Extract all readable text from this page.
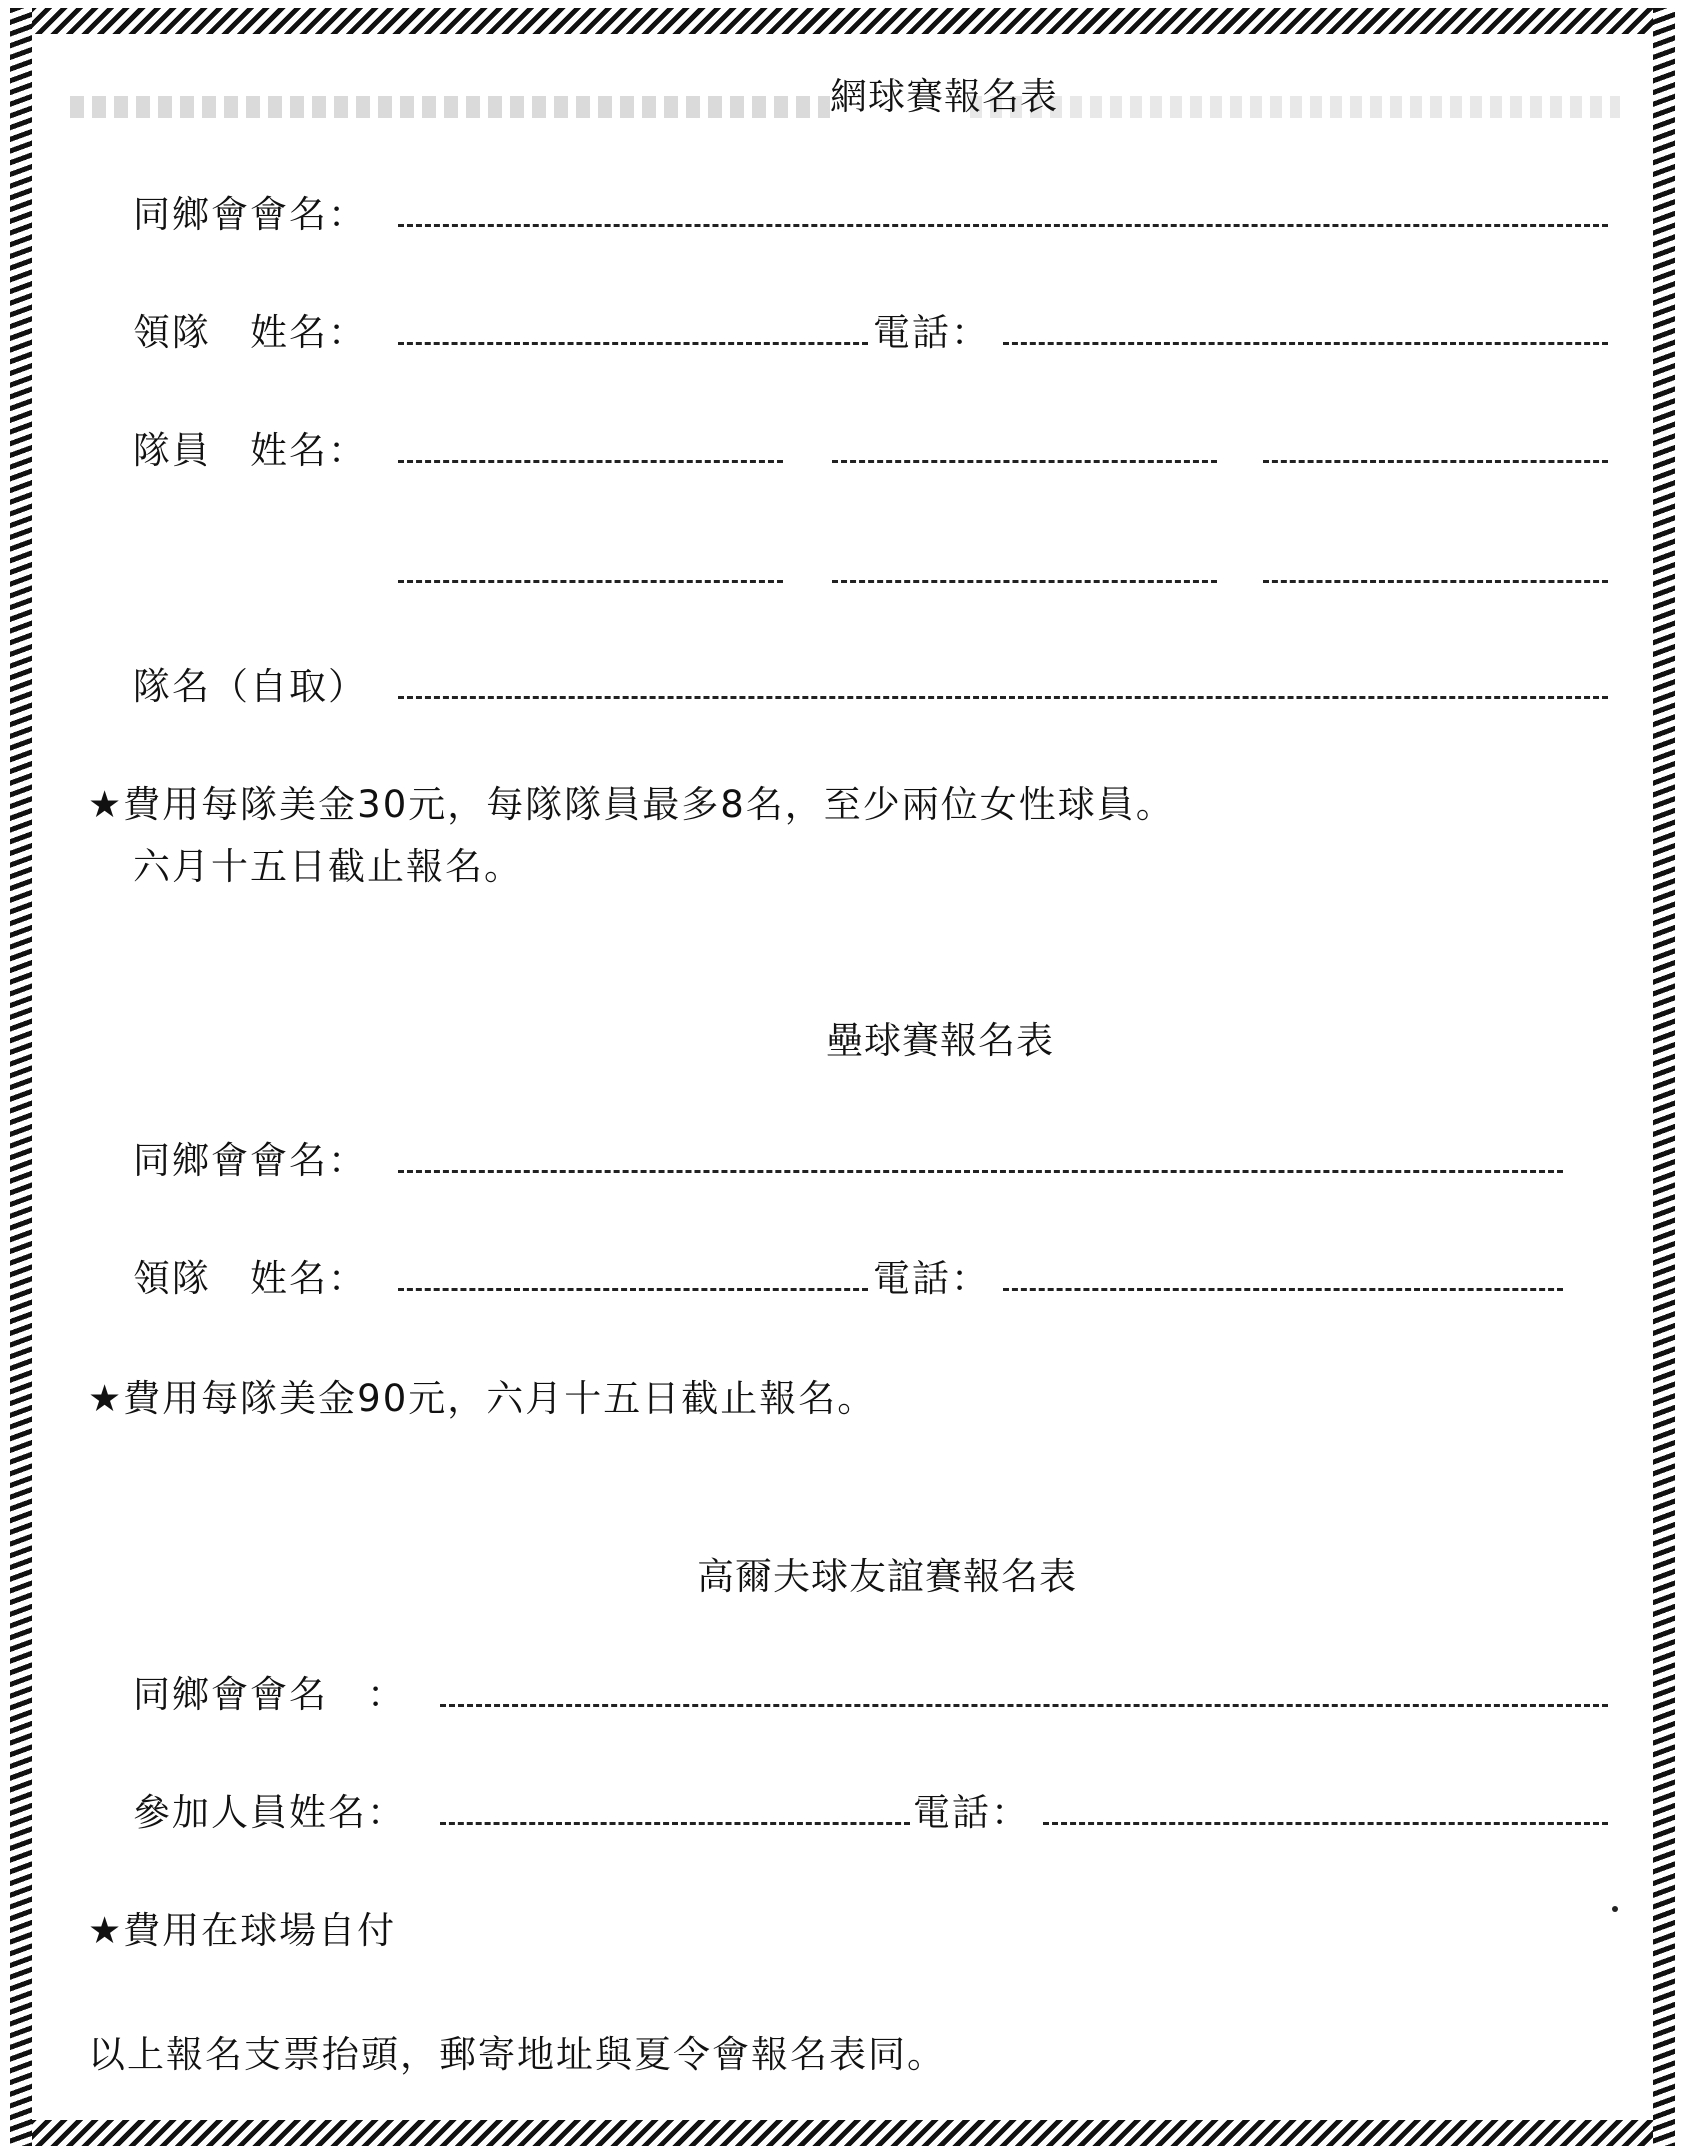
網球賽報名表
同鄉會會名：
領隊　姓名：	電話：
隊員　姓名：
隊名（自取）
★費用每隊美金30元，每隊隊員最多8名，至少兩位女性球員。
六月十五日截止報名。
壘球賽報名表
同鄉會會名：
領隊　姓名：	電話：
★費用每隊美金90元，六月十五日截止報名。
高爾夫球友誼賽報名表
同鄉會會名　：
參加人員姓名：	電話：
★費用在球場自付
以上報名支票抬頭，郵寄地址與夏令會報名表同。
